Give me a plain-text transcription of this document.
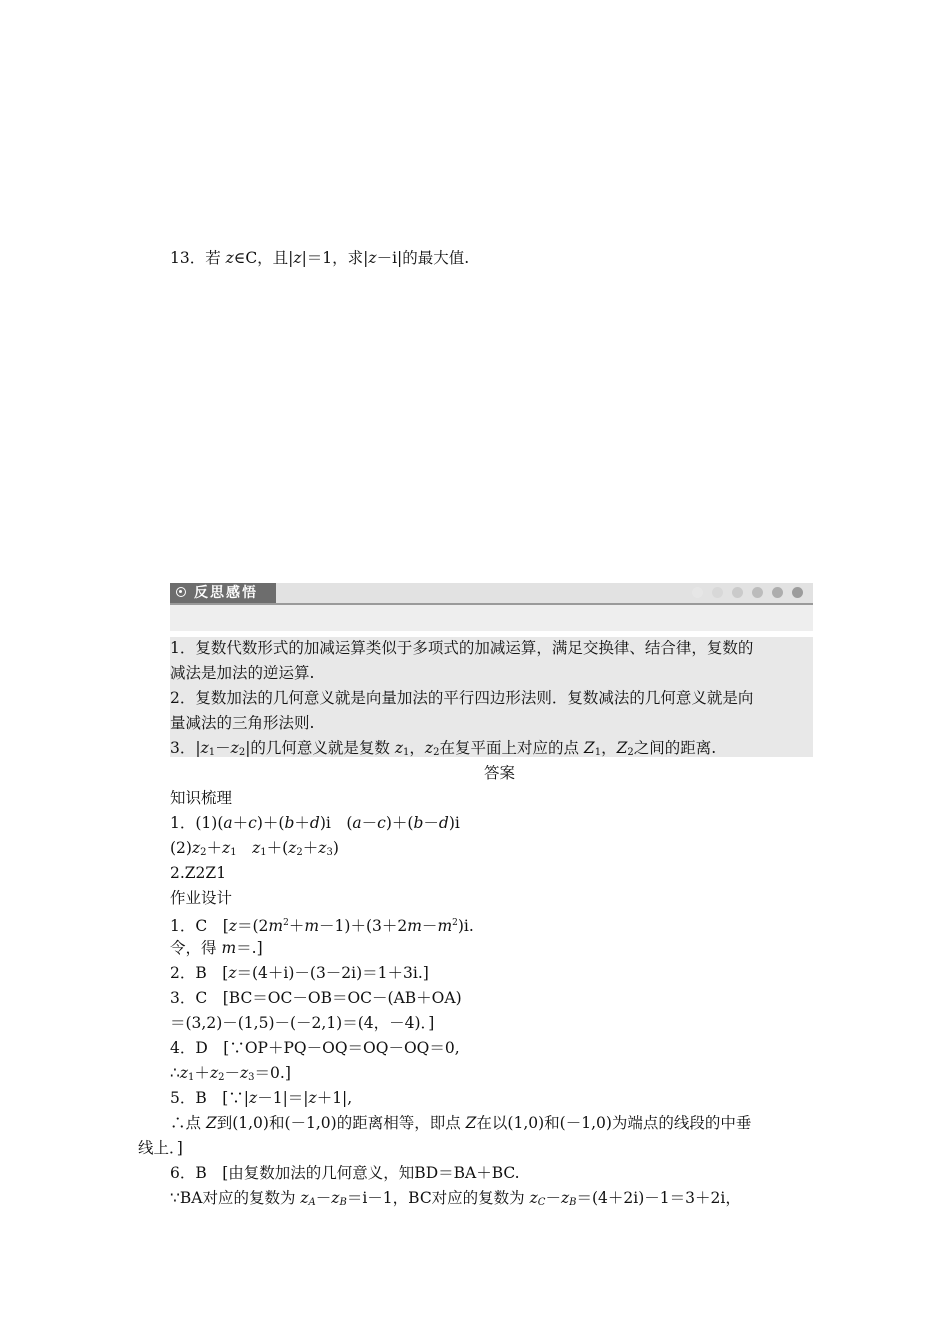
13．若 z∈C，且|z|＝1，求|z－i|的最大值.
反思感悟
1．复数代数形式的加减运算类似于多项式的加减运算，满足交换律、结合律，复数的
减法是加法的逆运算.
2．复数加法的几何意义就是向量加法的平行四边形法则．复数减法的几何意义就是向
量减法的三角形法则.
3．$|z_1-z_2|$的几何意义就是复数 $z_1$，$z_2$在复平面上对应的点 $Z_1$，$Z_2$之间的距离.
答案
知识梳理
1．(1)(a＋c)＋(b＋d)i　(a－c)＋(b－d)i
$(2)z_2+z_1$　 $z_1+(z_2+z_3)$
2.Z2Z1
作业设计
1．C　[$z=(2m^2+m-1)+(3+2m-m^2)i$.
令，得 m＝.]
2．B　[z＝(4＋i)－(3－2i)＝1＋3i.]
3．C　[BC＝OC－OB＝OC－(AB＋OA)
＝(3,2)－(1,5)－(－2,1)＝(4，－4)．]
4．D　[∵OP＋PQ－OQ＝OQ－OQ＝0,
$\therefore z_1+z_2-z_3=0$.]
5．B　[∵|z－1|＝|z＋1|,
∴点 Z到(1,0)和(－1,0)的距离相等，即点 Z在以(1,0)和(－1,0)为端点的线段的中垂
线上．]
6．B　[由复数加法的几何意义，知BD＝BA＋BC.
∵BA对应的复数为 $z_A-z_B=i-1$，BC对应的复数为 $z_C-z_B=(4+2i)-1=3+2i$，
